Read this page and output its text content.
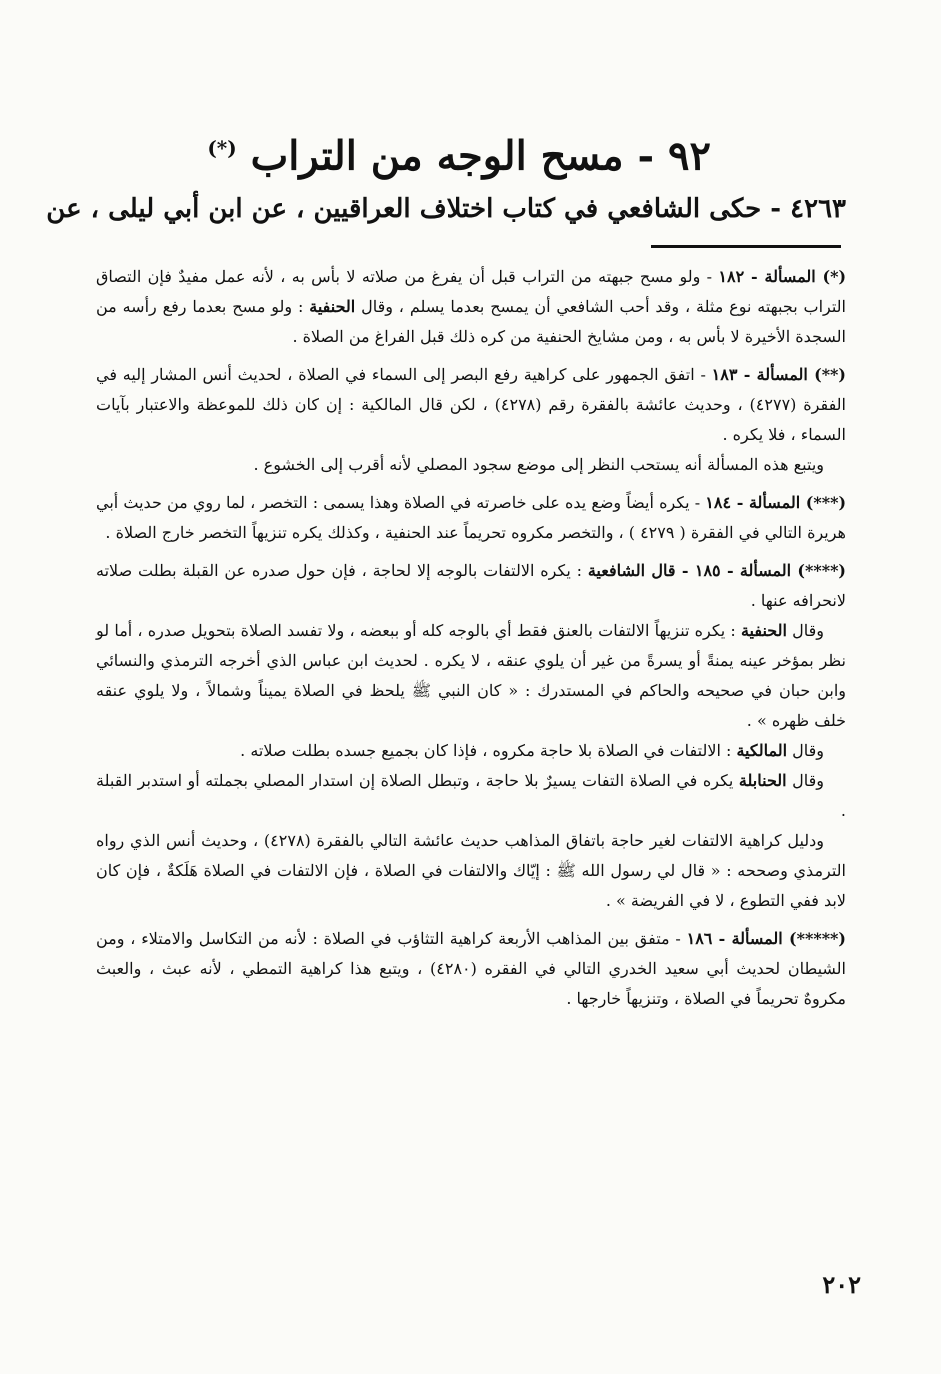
٩٢ - مسح الوجه من التراب (*)
٤٢٦٣ - حكى الشافعي في كتاب اختلاف العراقيين ، عن ابن أبي ليلى ، عن

(*) المسألة - ١٨٢ - ولو مسح جبهته من التراب قبل أن يفرغ من صلاته لا بأس به ، لأنه عمل مفيدٌ فإن التصاق التراب بجبهته نوع مثلة ، وقد أحب الشافعي أن يمسح بعدما يسلم ، وقال الحنفية : ولو مسح بعدما رفع رأسه من السجدة الأخيرة لا بأس به ، ومن مشايخ الحنفية من كره ذلك قبل الفراغ من الصلاة .

(**) المسألة - ١٨٣ - اتفق الجمهور على كراهية رفع البصر إلى السماء في الصلاة ، لحديث أنس المشار إليه في الفقرة (٤٢٧٧) ، وحديث عائشة بالفقرة رقم (٤٢٧٨) ، لكن قال المالكية : إن كان ذلك للموعظة والاعتبار بآيات السماء ، فلا يكره .

ويتبع هذه المسألة أنه يستحب النظر إلى موضع سجود المصلي لأنه أقرب إلى الخشوع .

(***) المسألة - ١٨٤ - يكره أيضاً وضع يده على خاصرته في الصلاة وهذا يسمى : التخصر ، لما روي من حديث أبي هريرة التالي في الفقرة ( ٤٢٧٩ ) ، والتخصر مكروه تحريماً عند الحنفية ، وكذلك يكره تنزيهاً التخصر خارج الصلاة .

(****) المسألة - ١٨٥ - قال الشافعية : يكره الالتفات بالوجه إلا لحاجة ، فإن حول صدره عن القبلة بطلت صلاته لانحرافه عنها .

وقال الحنفية : يكره تنزيهاً الالتفات بالعنق فقط أي بالوجه كله أو ببعضه ، ولا تفسد الصلاة بتحويل صدره ، أما لو نظر بمؤخر عينه يمنةً أو يسرةً من غير أن يلوي عنقه ، لا يكره . لحديث ابن عباس الذي أخرجه الترمذي والنسائي وابن حبان في صحيحه والحاكم في المستدرك : « كان النبي ﷺ يلحظ في الصلاة يميناً وشمالاً ، ولا يلوي عنقه خلف ظهره » .

وقال المالكية : الالتفات في الصلاة بلا حاجة مكروه ، فإذا كان بجميع جسده بطلت صلاته .

وقال الحنابلة يكره في الصلاة التفات يسيرٌ بلا حاجة ، وتبطل الصلاة إن استدار المصلي بجملته أو استدبر القبلة .

ودليل كراهية الالتفات لغير حاجة باتفاق المذاهب حديث عائشة التالي بالفقرة (٤٢٧٨) ، وحديث أنس الذي رواه الترمذي وصححه : « قال لي رسول الله ﷺ : إيّاك والالتفات في الصلاة ، فإن الالتفات في الصلاة هَلَكةٌ ، فإن كان لابد ففي التطوع ، لا في الفريضة » .

(*****) المسألة - ١٨٦ - متفق بين المذاهب الأربعة كراهية التثاؤب في الصلاة : لأنه من التكاسل والامتلاء ، ومن الشيطان لحديث أبي سعيد الخدري التالي في الفقره (٤٢٨٠) ، ويتبع هذا كراهية التمطي ، لأنه عبث ، والعبث مكروهٌ تحريماً في الصلاة ، وتنزيهاً خارجها .

٢٠٢
